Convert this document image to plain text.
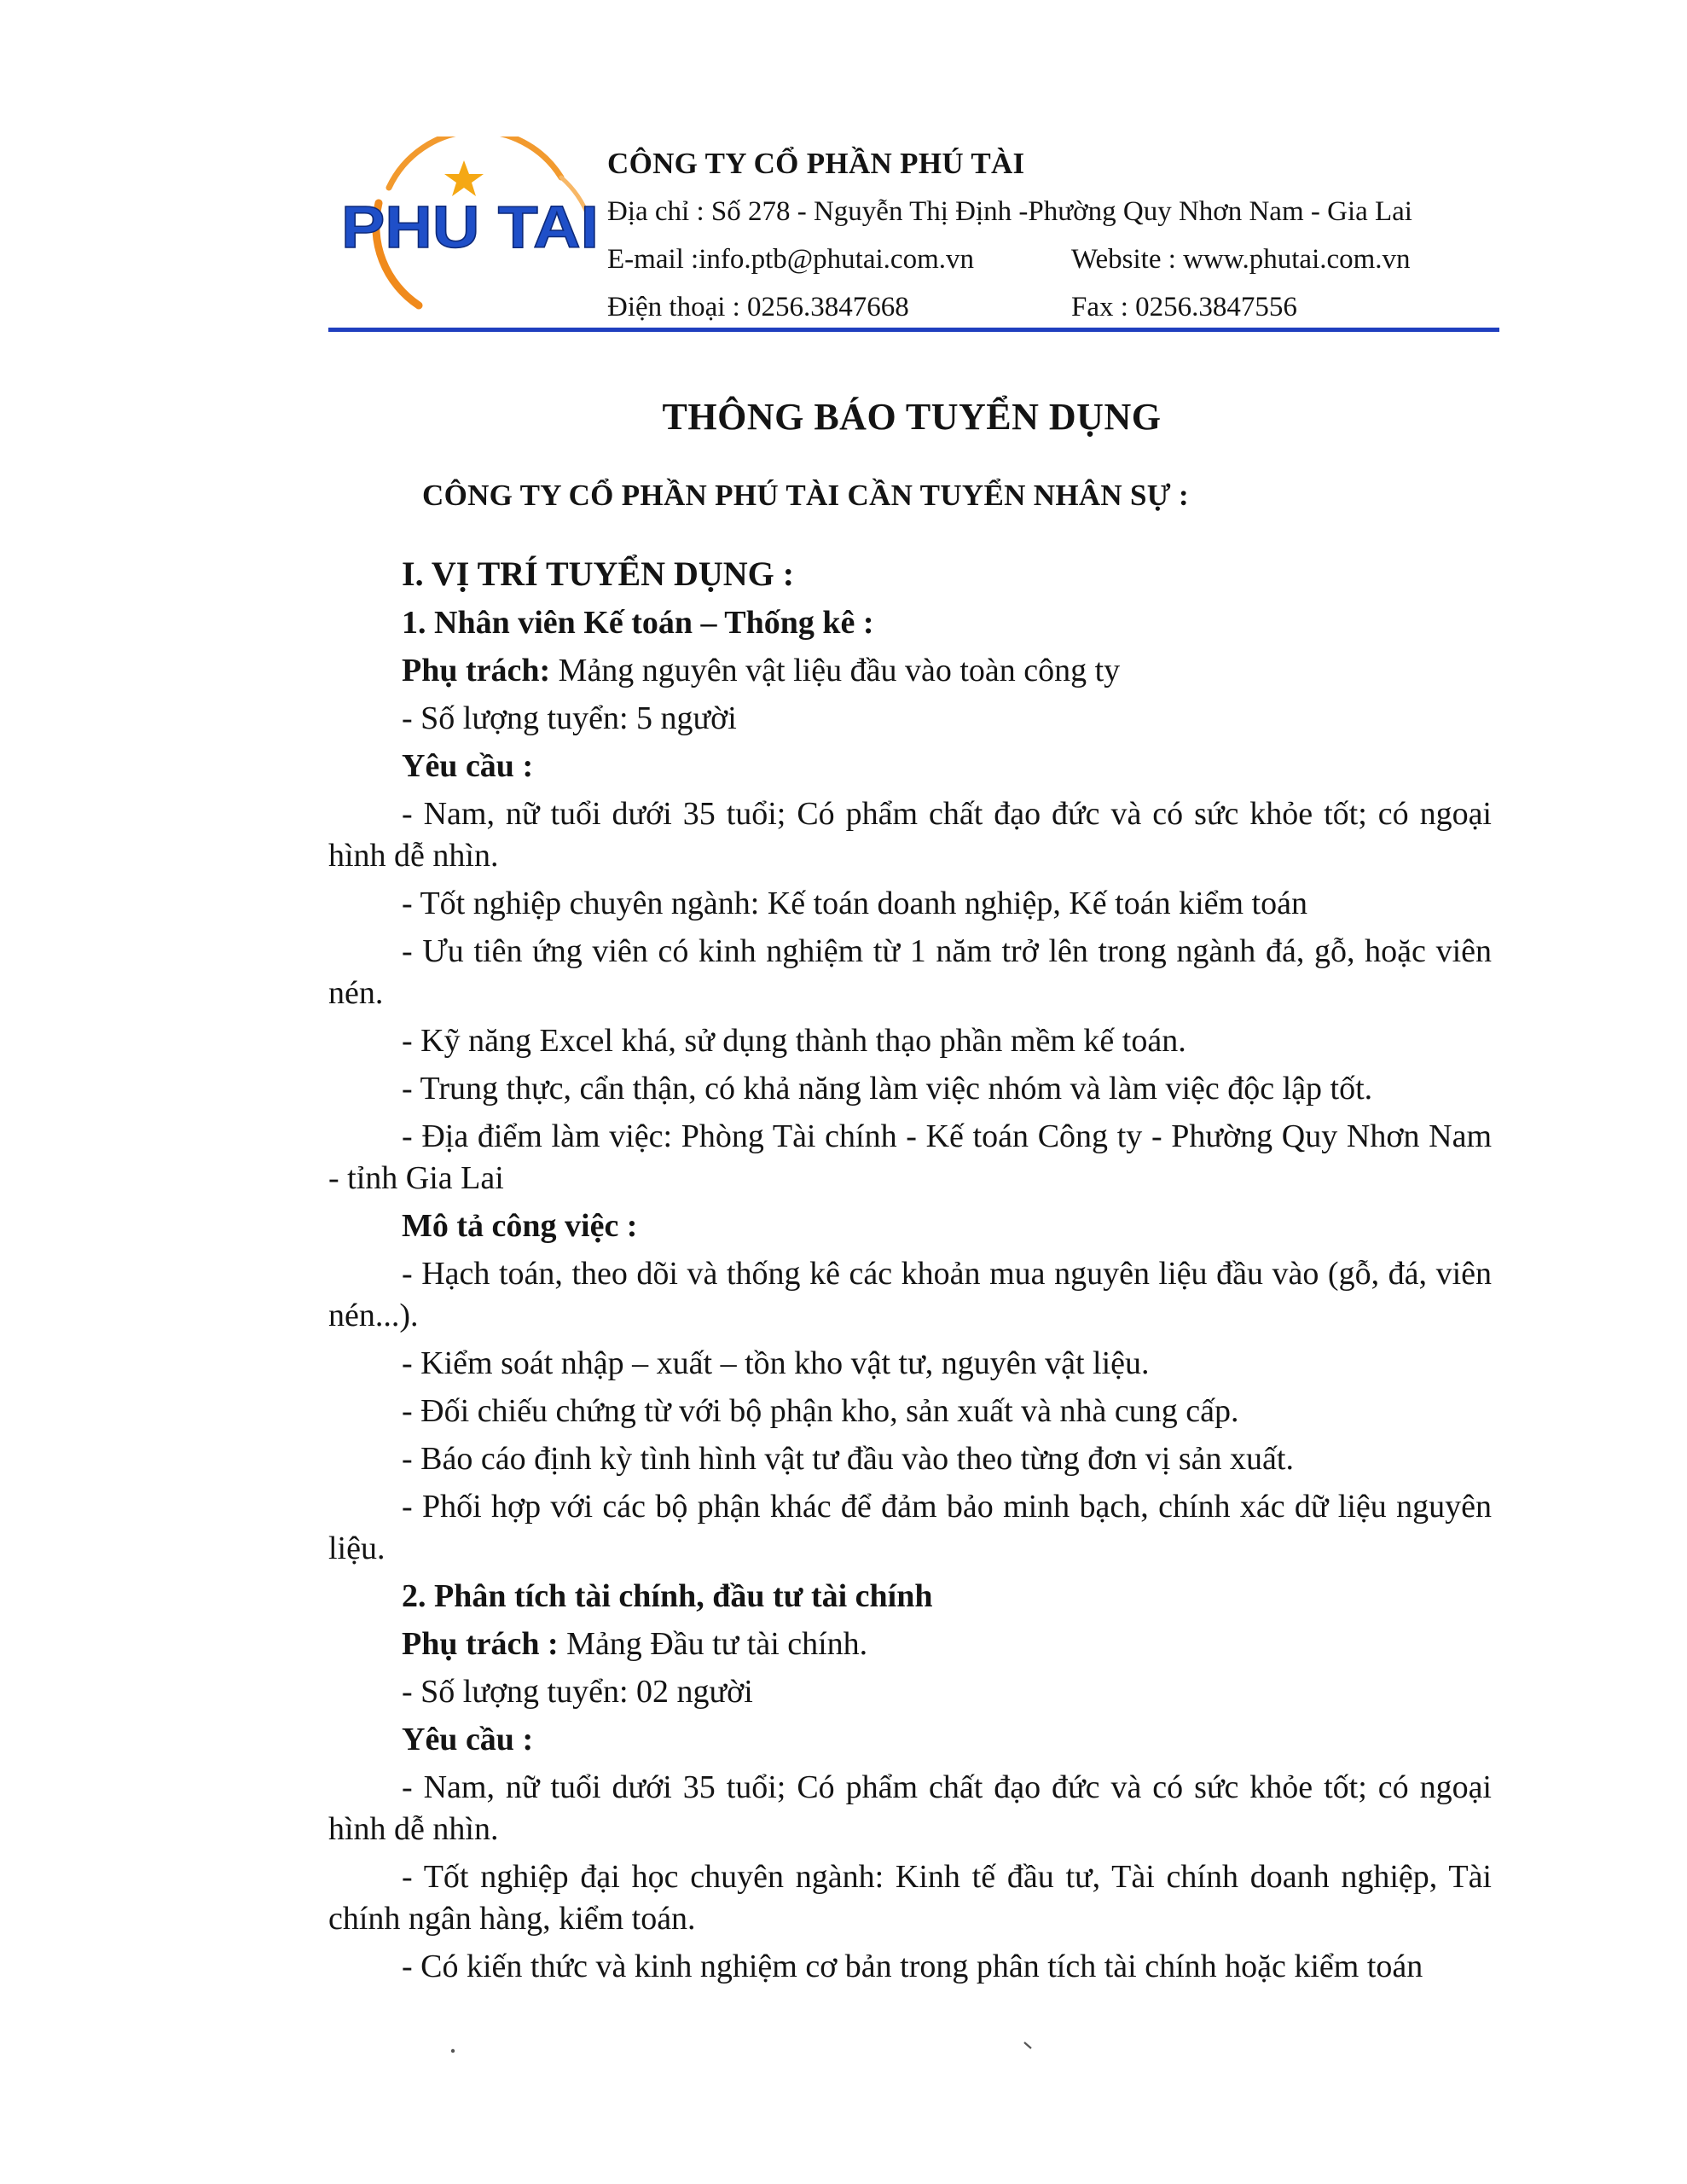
PHU TAI
CÔNG TY CỔ PHẦN PHÚ TÀI
Địa chỉ : Số 278 - Nguyễn Thị Định -Phường Quy Nhơn Nam - Gia Lai
E-mail :info.ptb@phutai.com.vn	Website : www.phutai.com.vn
Điện thoại : 0256.3847668	Fax : 0256.3847556
THÔNG BÁO TUYỂN DỤNG
CÔNG TY CỔ PHẦN PHÚ TÀI CẦN TUYỂN NHÂN SỰ :

I. VỊ TRÍ TUYỂN DỤNG :

1. Nhân viên Kế toán – Thống kê :

Phụ trách: Mảng nguyên vật liệu đầu vào toàn công ty

- Số lượng tuyển: 5 người

Yêu cầu :

- Nam, nữ tuổi dưới 35 tuổi; Có phẩm chất đạo đức và có sức khỏe tốt; có ngoại hình dễ nhìn.

- Tốt nghiệp chuyên ngành: Kế toán doanh nghiệp, Kế toán kiểm toán

- Ưu tiên ứng viên có kinh nghiệm từ 1 năm trở lên trong ngành đá, gỗ, hoặc viên nén.

- Kỹ năng Excel khá, sử dụng thành thạo phần mềm kế toán.

- Trung thực, cẩn thận, có khả năng làm việc nhóm và làm việc độc lập tốt.

- Địa điểm làm việc: Phòng Tài chính - Kế toán Công ty - Phường Quy Nhơn Nam - tỉnh Gia Lai

Mô tả công việc :

- Hạch toán, theo dõi và thống kê các khoản mua nguyên liệu đầu vào (gỗ, đá, viên nén...).

- Kiểm soát nhập – xuất – tồn kho vật tư, nguyên vật liệu.

- Đối chiếu chứng từ với bộ phận kho, sản xuất và nhà cung cấp.

- Báo cáo định kỳ tình hình vật tư đầu vào theo từng đơn vị sản xuất.

- Phối hợp với các bộ phận khác để đảm bảo minh bạch, chính xác dữ liệu nguyên liệu.

2. Phân tích tài chính, đầu tư tài chính

Phụ trách : Mảng Đầu tư tài chính.

- Số lượng tuyển: 02 người

Yêu cầu :

- Nam, nữ tuổi dưới 35 tuổi; Có phẩm chất đạo đức và có sức khỏe tốt; có ngoại hình dễ nhìn.

- Tốt nghiệp đại học chuyên ngành: Kinh tế đầu tư, Tài chính doanh nghiệp, Tài chính ngân hàng, kiểm toán.

- Có kiến thức và kinh nghiệm cơ bản trong phân tích tài chính hoặc kiểm toán
